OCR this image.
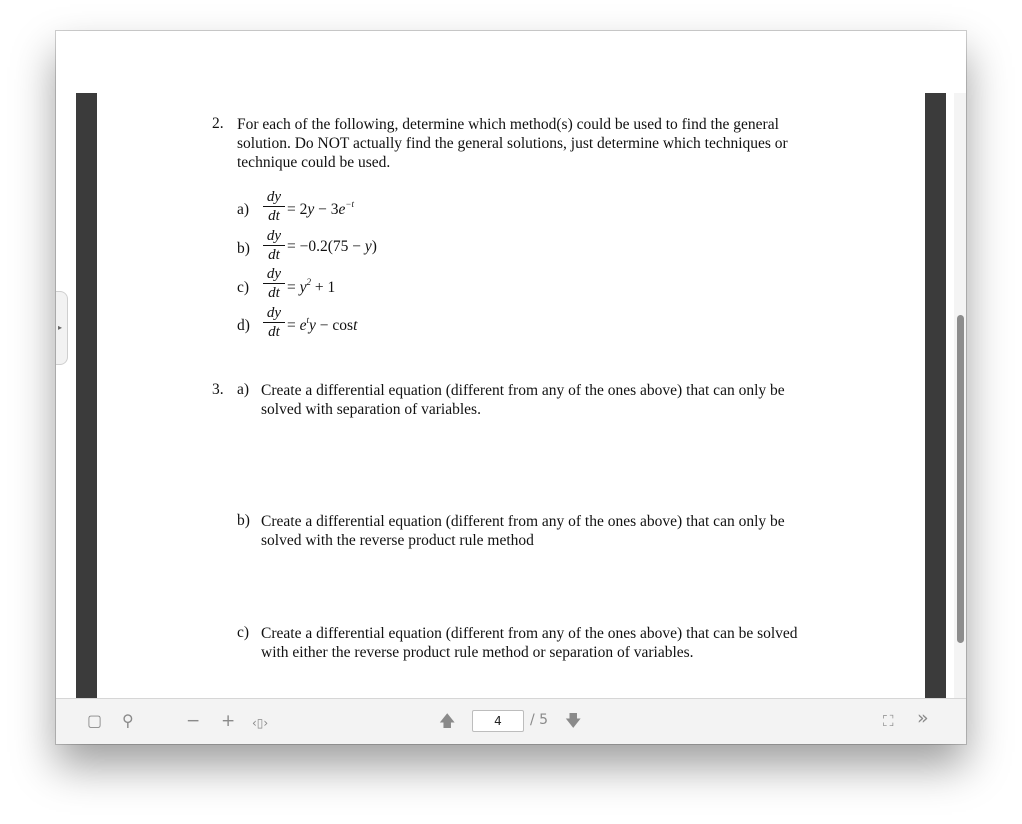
2. For each of the following, determine which method(s) could be used to find the general
solution. Do NOT actually find the general solutions, just determine which techniques or
technique could be used.
$a) \frac{dy}{dt} = 2y - 3e^{-t}$
$b) \frac{dy}{dt} = -0.2(75 - y)$
$c) \frac{dy}{dt} = y^2 + 1$
$d) \frac{dy}{dt} = e^ty - \cos t$
3. a) Create a differential equation (different from any of the ones above) that can only be
solved with separation of variables.
b) Create a differential equation (different from any of the ones above) that can only be
solved with the reverse product rule method
c) Create a differential equation (different from any of the ones above) that can be solved
with either the reverse product rule method or separation of variables.
▸
▢ ⚲	− + ‹▯›	🡅
4	/ 5 🡇	⛶ »
